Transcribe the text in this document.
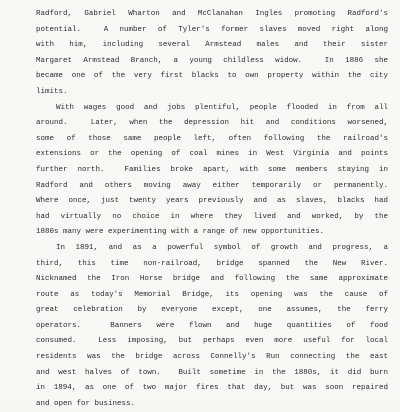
Radford, Gabriel Wharton and McClanahan Ingles promoting Radford's
potential.  A number of Tyler's former slaves moved right along
with him, including several Armstead males and their sister
Margaret Armstead Branch, a young childless widow.  In 1886 she
became one of the very first blacks to own property within the city
limits.

With wages good and jobs plentiful, people flooded in from all
around.  Later, when the depression hit and conditions worsened,
some of those same people left, often following the railroad's
extensions or the opening of coal mines in West Virginia and points
further north.  Families broke apart, with some members staying in
Radford and others moving away either temporarily or permanently.
Where once, just twenty years previously and as slaves, blacks had
had virtually no choice in where they lived and worked, by the
1880s many were experimenting with a range of new opportunities.

In 1891, and as a powerful symbol of growth and progress, a
third, this time non-railroad, bridge spanned the New River.
Nicknamed the Iron Horse bridge and following the same approximate
route as today's Memorial Bridge, its opening was the cause of
great celebration by everyone except, one assumes, the ferry
operators.  Banners were flown and huge quantities of food
consumed.  Less imposing, but perhaps even more useful for local
residents was the bridge across Connelly's Run connecting the east
and west halves of town.  Built sometime in the 1880s, it did burn
in 1894, as one of two major fires that day, but was soon repaired
and open for business.
